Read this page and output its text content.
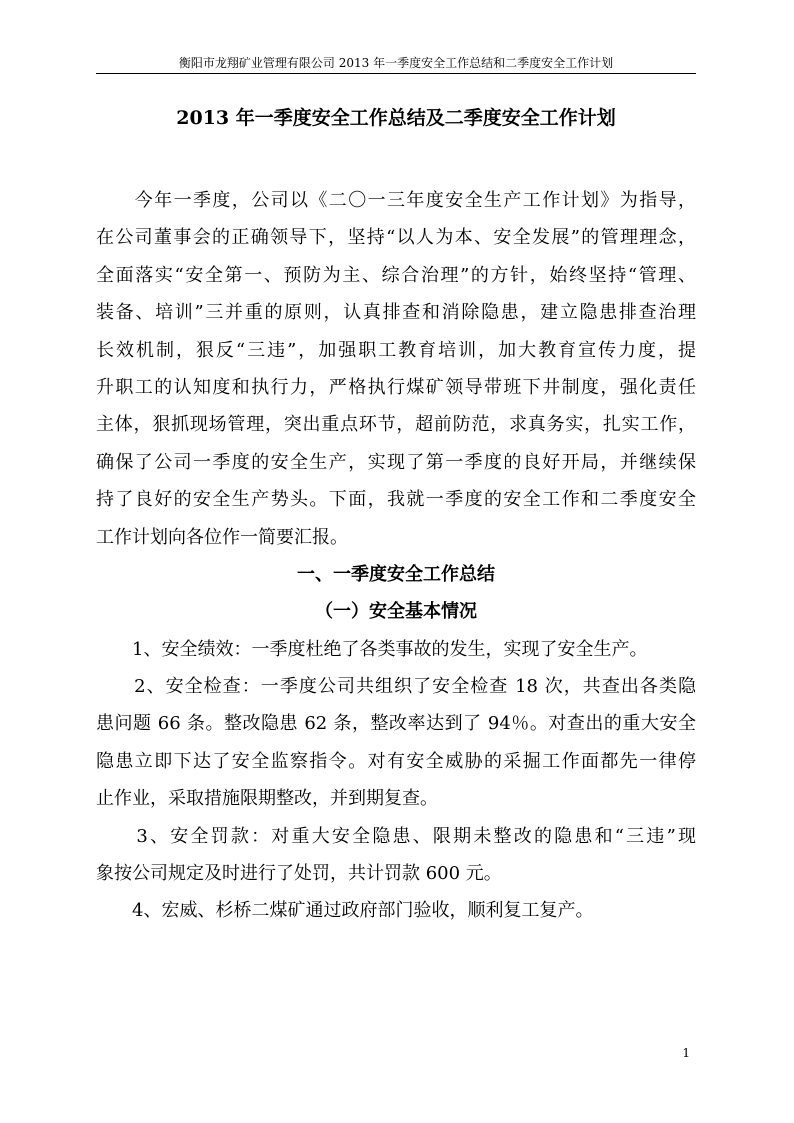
衡阳市龙翔矿业管理有限公司 2013 年一季度安全工作总结和二季度安全工作计划
2013 年一季度安全工作总结及二季度安全工作计划
　　今年一季度，公司以《二〇一三年度安全生产工作计划》为指导，
在公司董事会的正确领导下，坚持“以人为本、安全发展”的管理理念，
全面落实“安全第一、预防为主、综合治理”的方针，始终坚持“管理、
装备、培训”三并重的原则，认真排查和消除隐患，建立隐患排查治理
长效机制，狠反“三违”，加强职工教育培训，加大教育宣传力度，提
升职工的认知度和执行力，严格执行煤矿领导带班下井制度，强化责任
主体，狠抓现场管理，突出重点环节，超前防范，求真务实，扎实工作，
确保了公司一季度的安全生产，实现了第一季度的良好开局，并继续保
持了良好的安全生产势头。下面，我就一季度的安全工作和二季度安全
工作计划向各位作一简要汇报。
一、一季度安全工作总结
（一）安全基本情况
　　1、安全绩效：一季度杜绝了各类事故的发生，实现了安全生产。
　　2、安全检查：一季度公司共组织了安全检查 18 次，共查出各类隐
患问题 66 条。整改隐患 62 条，整改率达到了 94％。对查出的重大安全
隐患立即下达了安全监察指令。对有安全威胁的采掘工作面都先一律停
止作业，采取措施限期整改，并到期复查。
　　3、安全罚款：对重大安全隐患、限期未整改的隐患和“三违”现
象按公司规定及时进行了处罚，共计罚款 600 元。
　　4、宏威、杉桥二煤矿通过政府部门验收，顺利复工复产。
1
